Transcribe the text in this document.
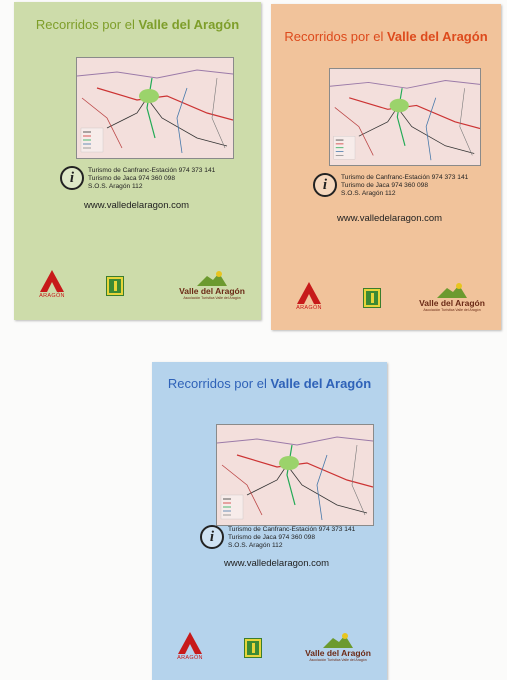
Recorridos por el Valle del Aragón
i	Turismo de Canfranc-Estación 974 373 141
Turismo de Jaca 974 360 098
S.O.S. Aragón 112
www.valledelaragon.com
ARAGÓN	Valle del Aragón
Asociación Turística Valle del Aragón
Recorridos por el Valle del Aragón
i	Turismo de Canfranc-Estación 974 373 141
Turismo de Jaca 974 360 098
S.O.S. Aragón 112
www.valledelaragon.com
ARAGÓN	Valle del Aragón
Asociación Turística Valle del Aragón
Recorridos por el Valle del Aragón
i	Turismo de Canfranc-Estación 974 373 141
Turismo de Jaca 974 360 098
S.O.S. Aragón 112
www.valledelaragon.com
ARAGÓN	Valle del Aragón
Asociación Turística Valle del Aragón
